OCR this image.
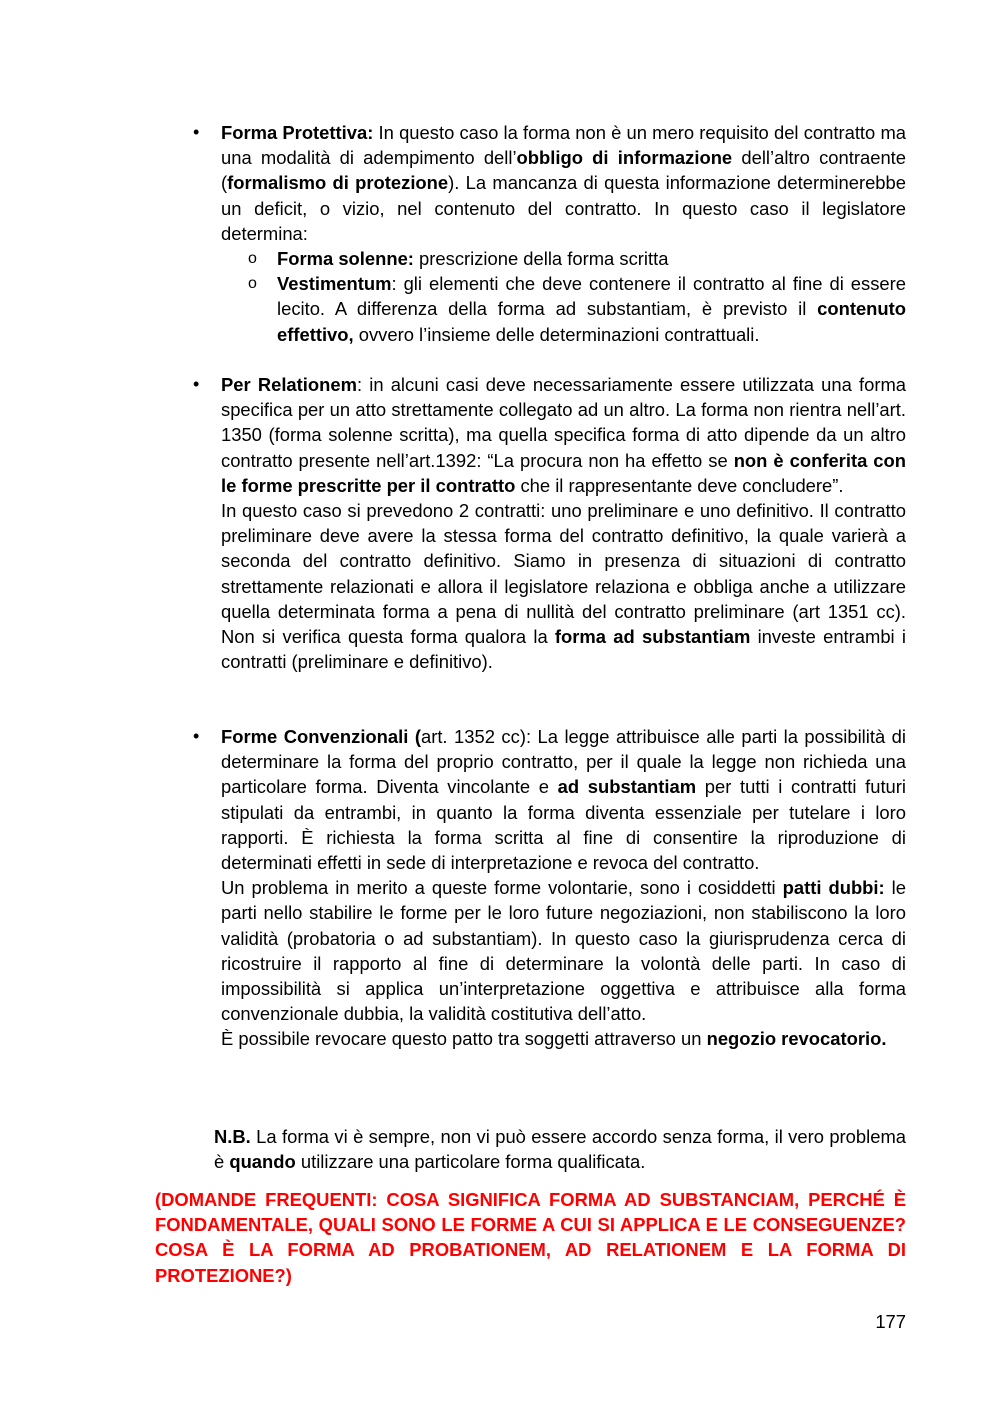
•	Forma Protettiva: In questo caso la forma non è un mero requisito del contratto ma una modalità di adempimento dell’obbligo di informazione dell’altro contraente (formalismo di protezione). La mancanza di questa informazione determinerebbe un deficit, o vizio, nel contenuto del contratto. In questo caso il legislatore determina:

o Forma solenne: prescrizione della forma scritta

o Vestimentum: gli elementi che deve contenere il contratto al fine di essere lecito. A differenza della forma ad substantiam, è previsto il contenuto effettivo, ovvero l’insieme delle determinazioni contrattuali.

•	Per Relationem: in alcuni casi deve necessariamente essere utilizzata una forma specifica per un atto strettamente collegato ad un altro. La forma non rientra nell’art. 1350 (forma solenne scritta), ma quella specifica forma di atto dipende da un altro contratto presente nell’art.1392: “La procura non ha effetto se non è conferita con le forme prescritte per il contratto che il rappresentante deve concludere”.

In questo caso si prevedono 2 contratti: uno preliminare e uno definitivo. Il contratto preliminare deve avere la stessa forma del contratto definitivo, la quale varierà a seconda del contratto definitivo. Siamo in presenza di situazioni di contratto strettamente relazionati e allora il legislatore relaziona e obbliga anche a utilizzare quella determinata forma a pena di nullità del contratto preliminare (art 1351 cc). Non si verifica questa forma qualora la forma ad substantiam investe entrambi i contratti (preliminare e definitivo).

•	Forme Convenzionali (art. 1352 cc): La legge attribuisce alle parti la possibilità di determinare la forma del proprio contratto, per il quale la legge non richieda una particolare forma. Diventa vincolante e ad substantiam per tutti i contratti futuri stipulati da entrambi, in quanto la forma diventa essenziale per tutelare i loro rapporti. È richiesta la forma scritta al fine di consentire la riproduzione di determinati effetti in sede di interpretazione e revoca del contratto.

Un problema in merito a queste forme volontarie, sono i cosiddetti patti dubbi: le parti nello stabilire le forme per le loro future negoziazioni, non stabiliscono la loro validità (probatoria o ad substantiam). In questo caso la giurisprudenza cerca di ricostruire il rapporto al fine di determinare la volontà delle parti. In caso di impossibilità si applica un’interpretazione oggettiva e attribuisce alla forma convenzionale dubbia, la validità costitutiva dell’atto.

È possibile revocare questo patto tra soggetti attraverso un negozio revocatorio.

N.B. La forma vi è sempre, non vi può essere accordo senza forma, il vero problema è quando utilizzare una particolare forma qualificata.

(DOMANDE FREQUENTI: COSA SIGNIFICA FORMA AD SUBSTANCIAM, PERCHÉ È FONDAMENTALE, QUALI SONO LE FORME A CUI SI APPLICA E LE CONSEGUENZE? COSA È LA FORMA AD PROBATIONEM, AD RELATIONEM E LA FORMA DI PROTEZIONE?)
177
